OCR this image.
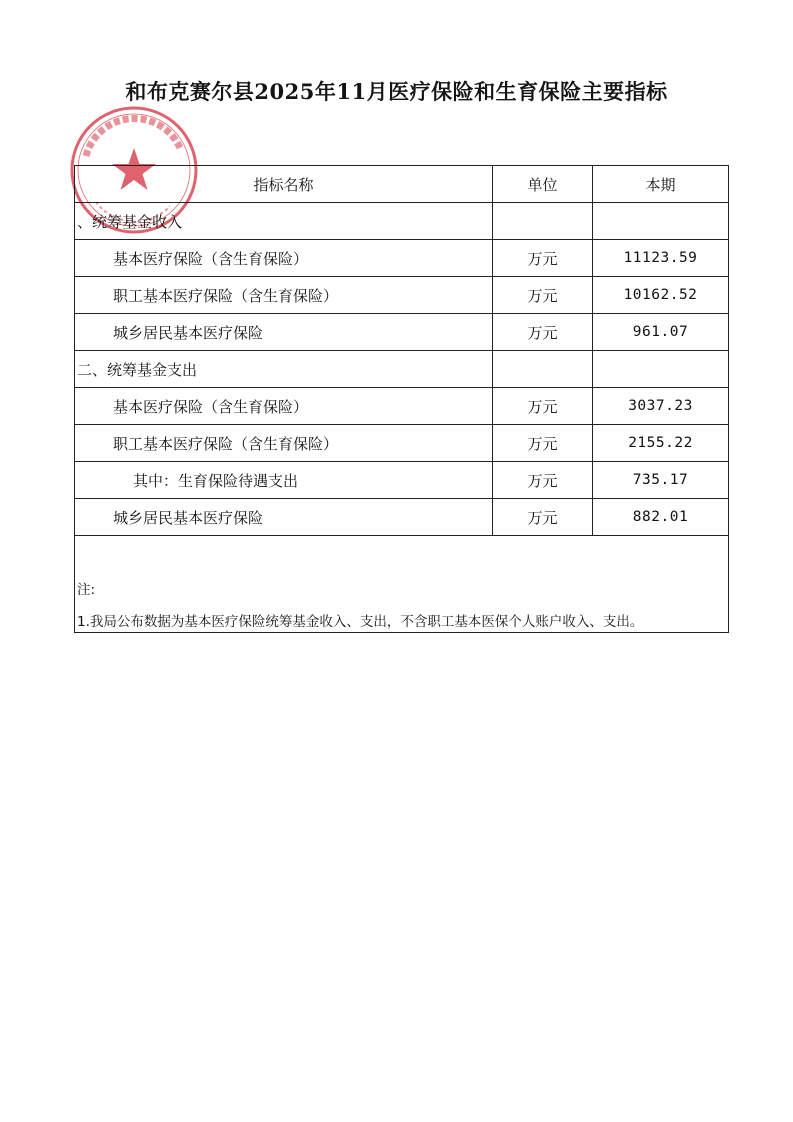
和布克赛尔县2025年11月医疗保险和生育保险主要指标
指标名称	单位	本期
、统筹基金收入		
基本医疗保险（含生育保险）	万元	11123.59
职工基本医疗保险（含生育保险）	万元	10162.52
城乡居民基本医疗保险	万元	961.07
二、统筹基金支出		
基本医疗保险（含生育保险）	万元	3037.23
职工基本医疗保险（含生育保险）	万元	2155.22
其中：生育保险待遇支出	万元	735.17
城乡居民基本医疗保险	万元	882.01

注:
1.我局公布数据为基本医疗保险统筹基金收入、支出，不含职工基本医保个人账户收入、支出。		
